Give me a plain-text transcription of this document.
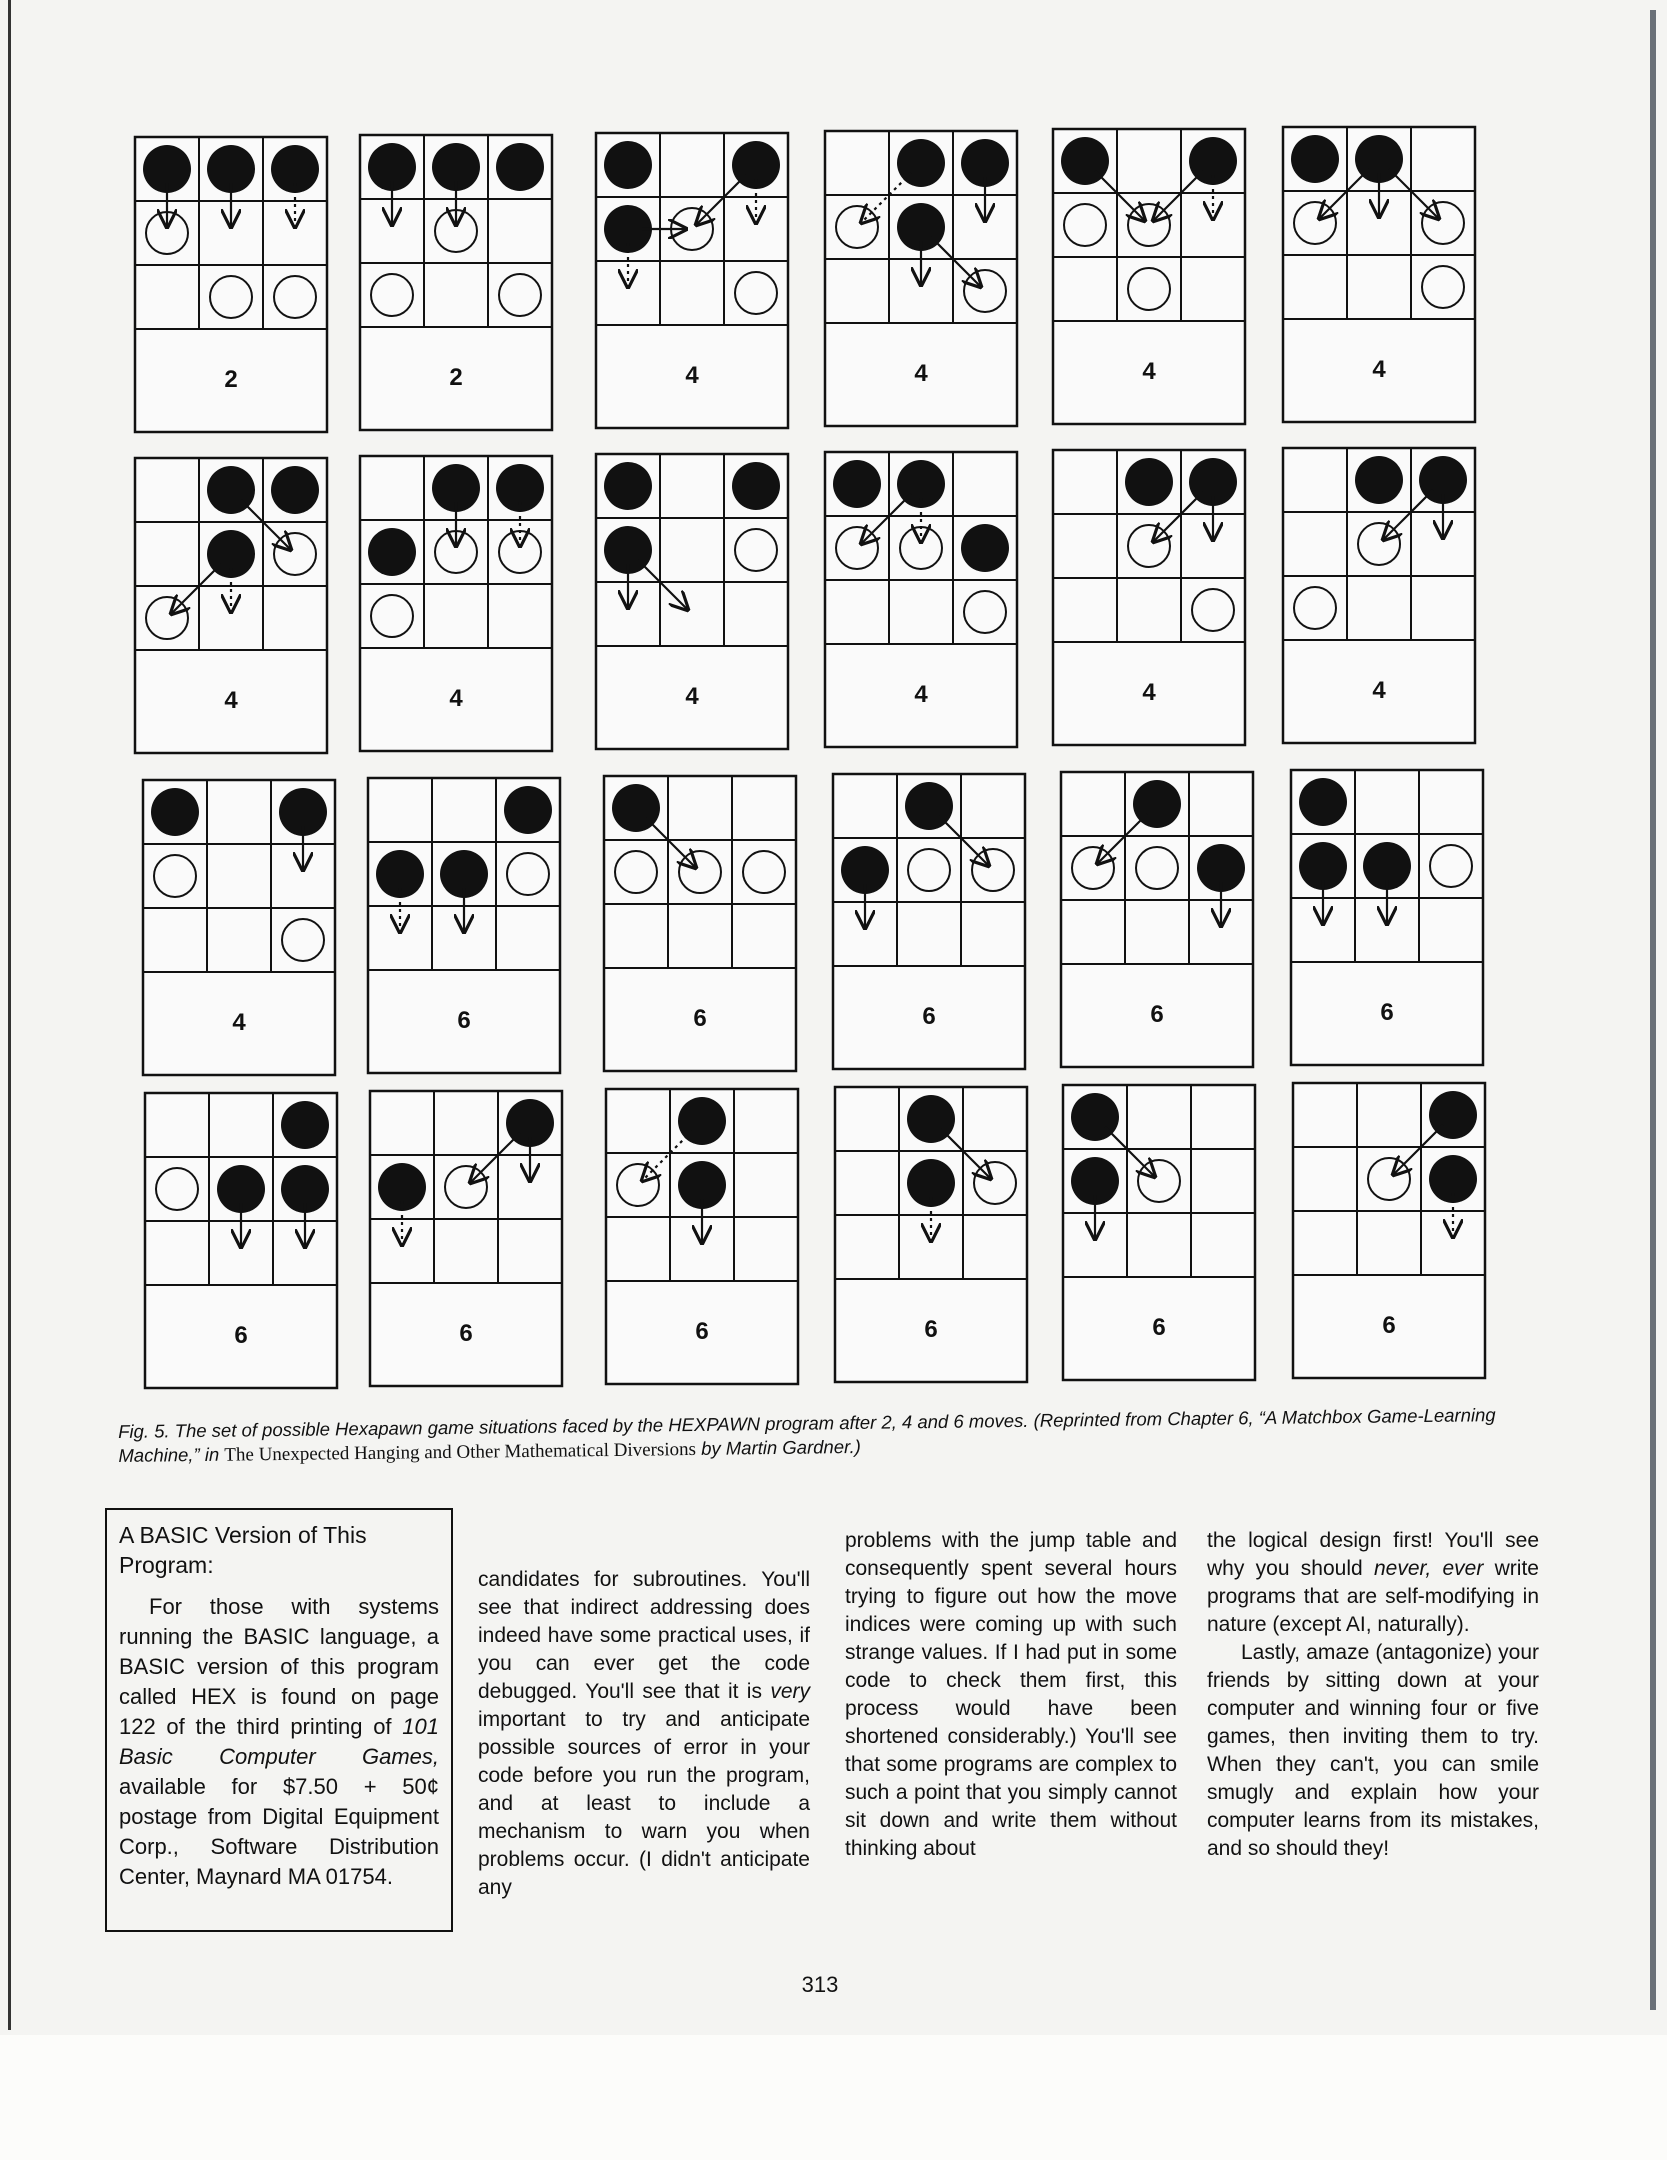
2	2	4	4	4	4
4	4	4	4	4	4
4	6	6	6	6	6
6	6	6	6	6	6
Fig. 5. The set of possible Hexapawn game situations faced by the HEXPAWN program after 2, 4 and 6 moves. (Reprinted from Chapter 6, “A Matchbox Game-Learning Machine,” in The Unexpected Hanging and Other Mathematical Diversions by Martin Gardner.)
A BASIC Version of This Program:
For those with systems running the BASIC language, a BASIC version of this program called HEX is found on page 122 of the third printing of 101 Basic Computer Games, available for $7.50 + 50¢ postage from Digital Equipment Corp., Software Distribution Center, Maynard MA 01754.

candidates for subroutines. You'll see that indirect addressing does indeed have some practical uses, if you can ever get the code debugged. You'll see that it is very important to try and anticipate possible sources of error in your code before you run the program, and at least to include a mechanism to warn you when problems occur. (I didn't anticipate any

problems with the jump table and consequently spent several hours trying to figure out how the move indices were coming up with such strange values. If I had put in some code to check them first, this process would have been shortened considerably.) You'll see that some programs are complex to such a point that you simply cannot sit down and write them without thinking about

the logical design first! You'll see why you should never, ever write programs that are self-modifying in nature (except AI, naturally).

Lastly, amaze (antagonize) your friends by sitting down at your computer and winning four or five games, then inviting them to try. When they can't, you can smile smugly and explain how your computer learns from its mistakes, and so should they!

313
